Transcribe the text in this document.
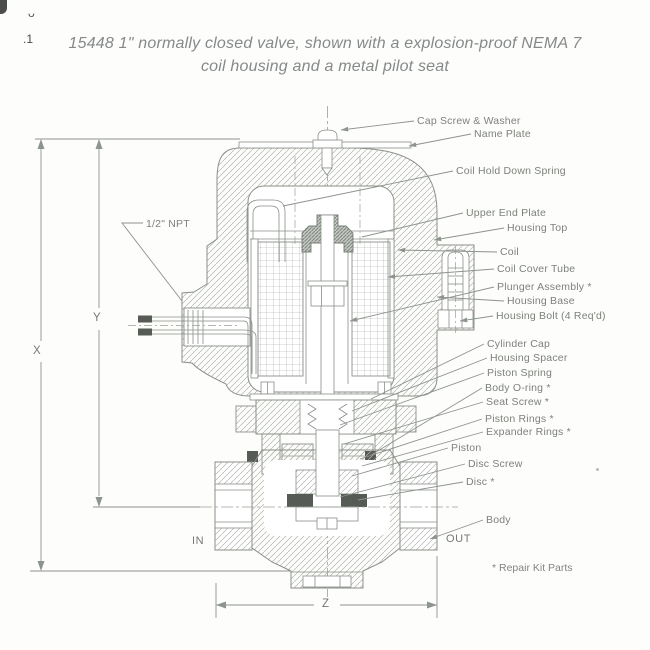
ᴗ
.1	15448 1" normally closed valve, shown with a explosion-proof NEMA 7
coil housing and a metal pilot seat
Cap Screw & Washer
Name Plate
Coil Hold Down Spring
Upper End Plate
Housing Top
Coil
Coil Cover Tube
Plunger Assembly *
Housing Base
Housing Bolt (4 Req'd)
Cylinder Cap
Housing Spacer
Piston Spring
Body O-ring *
Seat Screw *
Piston Rings *
Expander Rings *
Piston
Disc Screw
Disc *
Body
X
Y
Z
IN	OUT
1/2" NPT
* Repair Kit Parts
